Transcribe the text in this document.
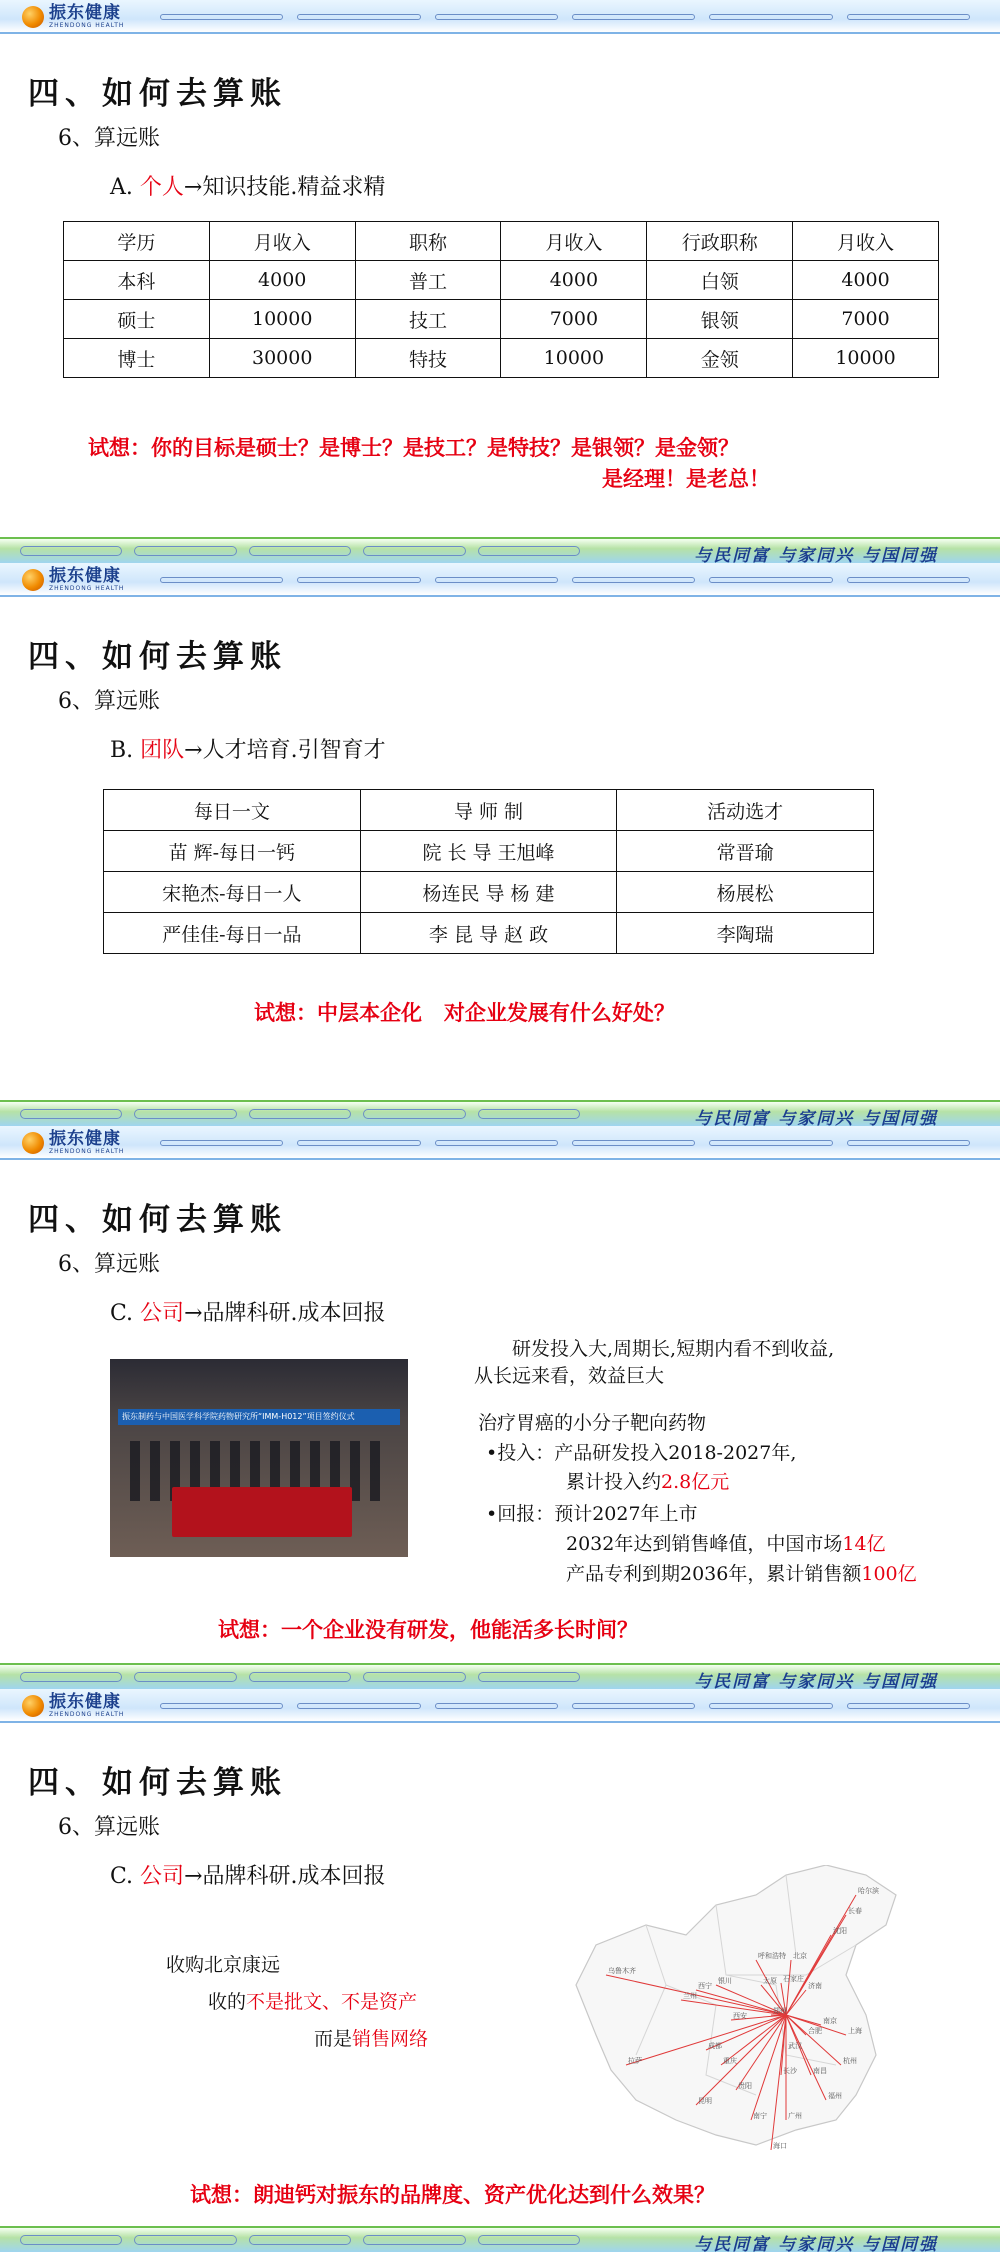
振东健康
ZHENDONG HEALTH
四、如何去算账
6、算远账
A. 个人→知识技能.精益求精
学历	月收入	职称	月收入	行政职称	月收入
本科	4000	普工	4000	白领	4000
硕士	10000	技工	7000	银领	7000
博士	30000	特技	10000	金领	10000
试想：你的目标是硕士？是博士？是技工？是特技？是银领？是金领？
是经理！是老总！
与民同富 与家同兴 与国同强
振东健康
ZHENDONG HEALTH
四、如何去算账
6、算远账
B. 团队→人才培育.引智育才
每日一文	导 师 制	活动选才
苗 辉-每日一钙	院 长 导 王旭峰	常晋瑜
宋艳杰-每日一人	杨连民 导 杨 建	杨展松
严佳佳-每日一品	李 昆 导 赵 政	李陶瑞
试想：中层本企化   对企业发展有什么好处？
与民同富 与家同兴 与国同强
振东健康
ZHENDONG HEALTH
四、如何去算账
6、算远账
C. 公司→品牌科研.成本回报
振东制药与中国医学科学院药物研究所“IMM-H012”项目签约仪式
研发投入大,周期长,短期内看不到收益,
从长远来看，效益巨大
治疗胃癌的小分子靶向药物
•投入：产品研发投入2018-2027年,
累计投入约2.8亿元
•回报：预计2027年上市
2032年达到销售峰值，中国市场14亿
产品专利到期2036年，累计销售额100亿
试想：一个企业没有研发，他能活多长时间？
与民同富 与家同兴 与国同强
振东健康
ZHENDONG HEALTH
四、如何去算账
6、算远账
C. 公司→品牌科研.成本回报
收购北京康远
收的不是批文、不是资产
而是销售网络
哈尔滨
长春
沈阳
北京
呼和浩特
太原 石家庄
济南
银川
西宁
兰州
西安
郑州
南京
合肥	上海
武汉
成都
重庆	杭州
长沙 南昌
福州
贵阳
昆明
南宁	广州
海口
拉萨
乌鲁木齐
试想：朗迪钙对振东的品牌度、资产优化达到什么效果？
与民同富 与家同兴 与国同强
